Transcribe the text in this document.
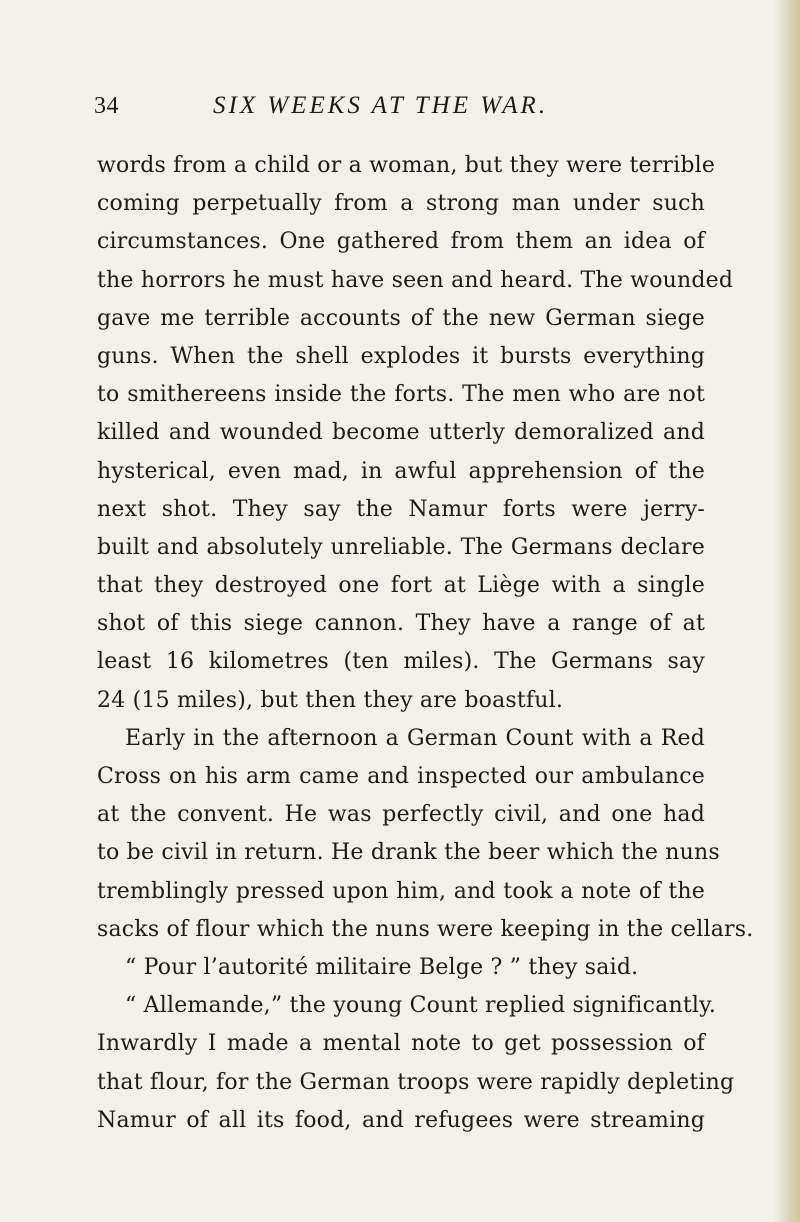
34	SIX WEEKS AT THE WAR.
words from a child or a woman, but they were terrible
coming perpetually from a strong man under such
circumstances. One gathered from them an idea of
the horrors he must have seen and heard. The wounded
gave me terrible accounts of the new German siege
guns. When the shell explodes it bursts everything
to smithereens inside the forts. The men who are not
killed and wounded become utterly demoralized and
hysterical, even mad, in awful apprehension of the
next shot. They say the Namur forts were jerry-
built and absolutely unreliable. The Germans declare
that they destroyed one fort at Liège with a single
shot of this siege cannon. They have a range of at
least 16 kilometres (ten miles). The Germans say
24 (15 miles), but then they are boastful.
Early in the afternoon a German Count with a Red
Cross on his arm came and inspected our ambulance
at the convent. He was perfectly civil, and one had
to be civil in return. He drank the beer which the nuns
tremblingly pressed upon him, and took a note of the
sacks of flour which the nuns were keeping in the cellars.
“ Pour l’autorité militaire Belge ? ” they said.
“ Allemande,” the young Count replied significantly.
Inwardly I made a mental note to get possession of
that flour, for the German troops were rapidly depleting
Namur of all its food, and refugees were streaming
